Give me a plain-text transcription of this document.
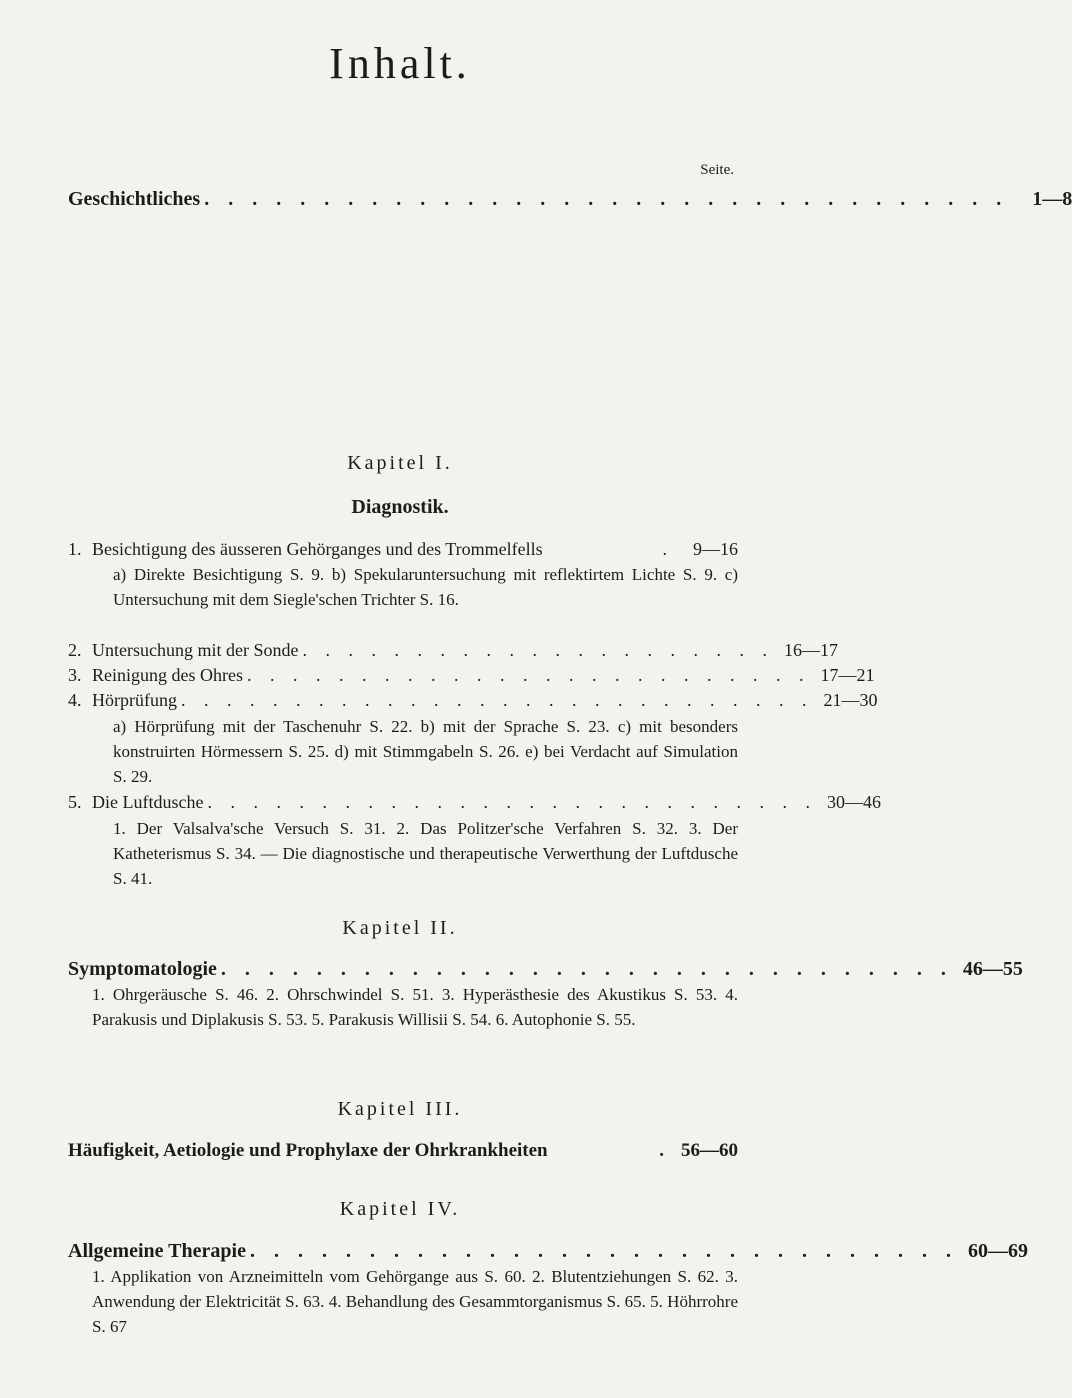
Inhalt.
Seite.
Geschichtliches . . . . . . . . . . . . . . . . . . . . . . . . . . . . . . . . . .	1—8
Kapitel I.
Diagnostik.
1. Besichtigung des äusseren Gehörganges und des Trommelfells	.	9—16
a) Direkte Besichtigung S. 9. b) Spekularuntersuchung mit reflektirtem Lichte S. 9. c) Untersuchung mit dem Siegle'schen Trichter S. 16.
2. Untersuchung mit der Sonde . . . . . . . . . . . . . . . . . . . . . 16—17
3. Reinigung des Ohres . . . . . . . . . . . . . . . . . . . . . . . . . 17—21
4. Hörprüfung . . . . . . . . . . . . . . . . . . . . . . . . . . . . 21—30
a) Hörprüfung mit der Taschenuhr S. 22. b) mit der Sprache S. 23. c) mit besonders konstruirten Hörmessern S. 25. d) mit Stimmgabeln S. 26. e) bei Verdacht auf Simulation S. 29.
5. Die Luftdusche . . . . . . . . . . . . . . . . . . . . . . . . . . . 30—46
1. Der Valsalva'sche Versuch S. 31. 2. Das Politzer'sche Verfahren S. 32. 3. Der Katheterismus S. 34. — Die diagnostische und therapeutische Verwerthung der Luftdusche S. 41.
Kapitel II.
Symptomatologie . . . . . . . . . . . . . . . . . . . . . . . . . . . . . . . 46—55
1. Ohrgeräusche S. 46. 2. Ohrschwindel S. 51. 3. Hyperästhesie des Akustikus S. 53. 4. Parakusis und Diplakusis S. 53. 5. Parakusis Willisii S. 54. 6. Autophonie S. 55.
Kapitel III.
Häufigkeit, Aetiologie und Prophylaxe der Ohrkrankheiten	. 56—60
Kapitel IV.
Allgemeine Therapie . . . . . . . . . . . . . . . . . . . . . . . . . . . . . . 60—69
1. Applikation von Arzneimitteln vom Gehörgange aus S. 60. 2. Blutentziehungen S. 62. 3. Anwendung der Elektricität S. 63. 4. Behandlung des Gesammtorganismus S. 65. 5. Höhrrohre S. 67
